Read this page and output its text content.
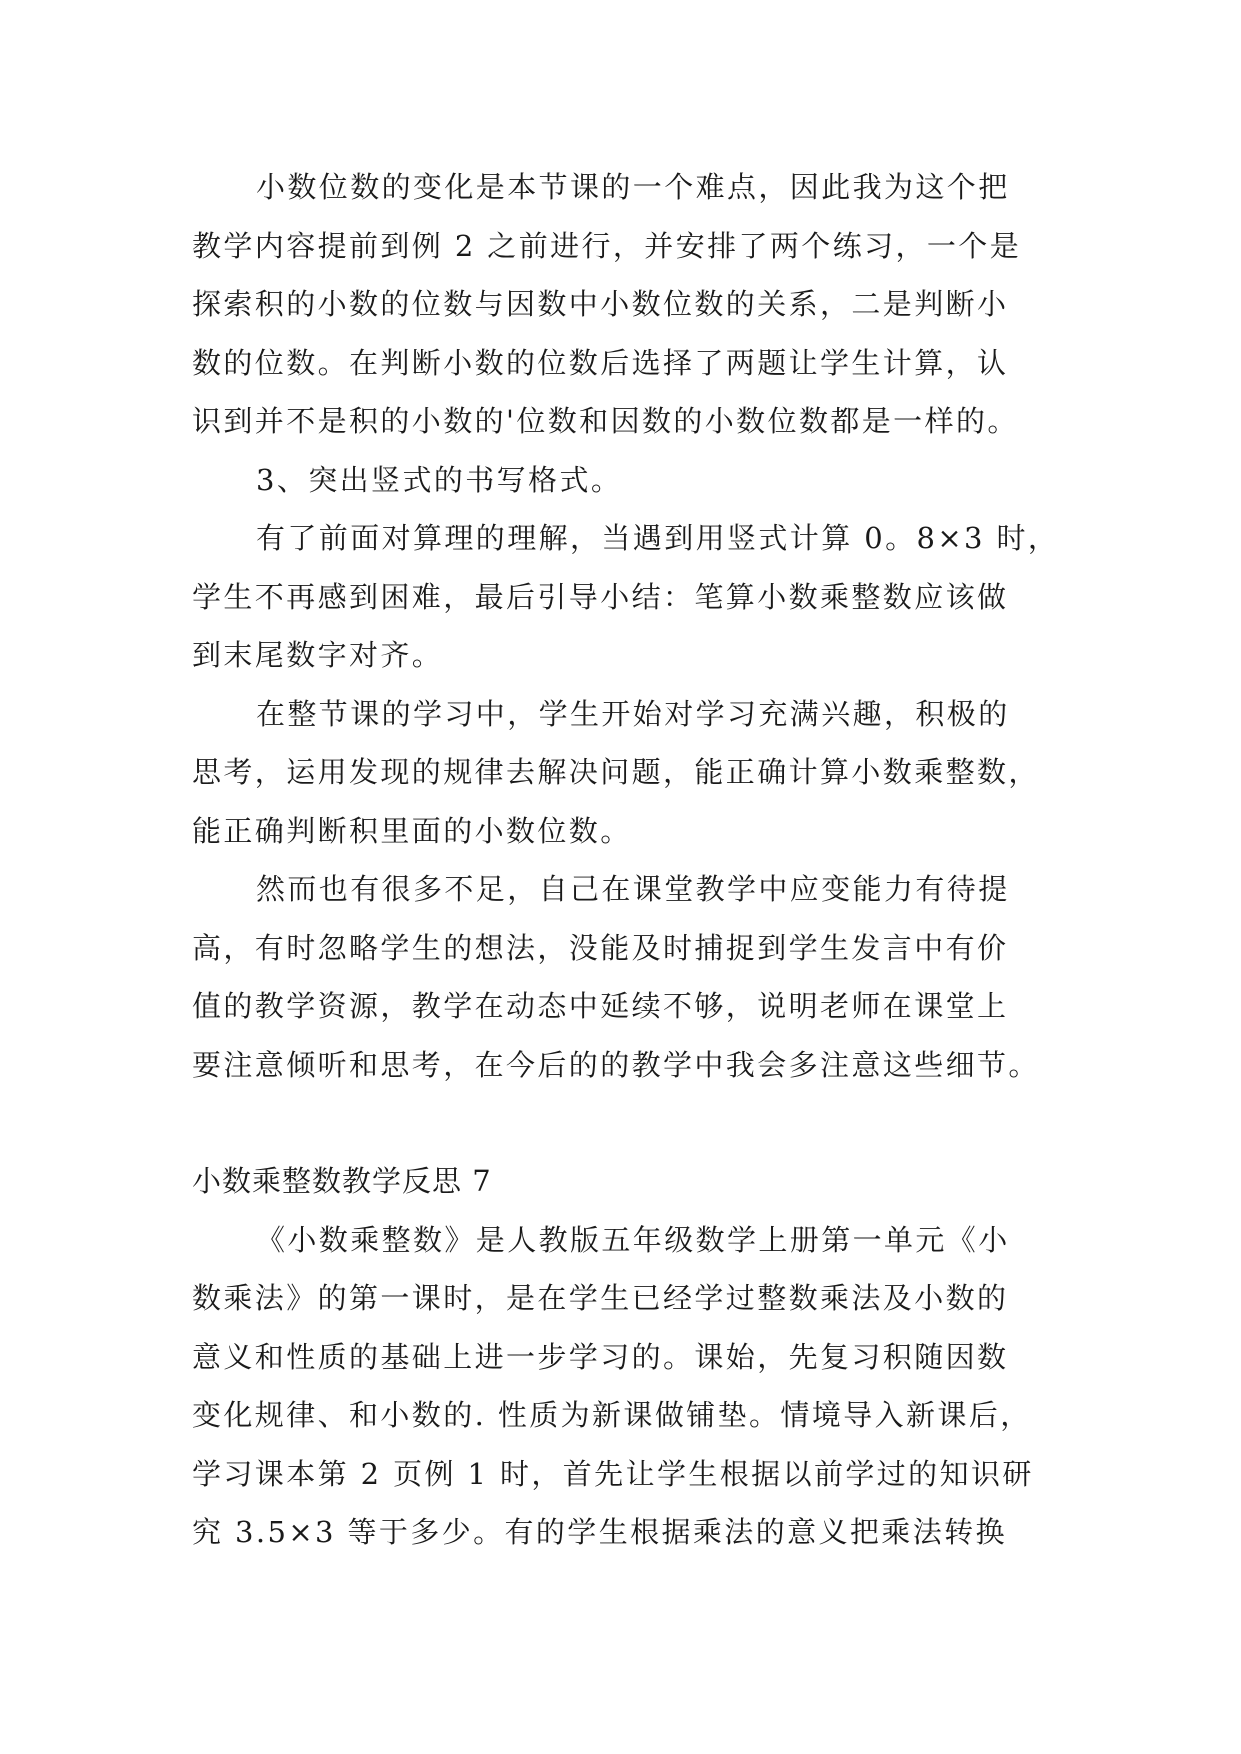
小数位数的变化是本节课的一个难点，因此我为这个把
教学内容提前到例 2 之前进行，并安排了两个练习，一个是
探索积的小数的位数与因数中小数位数的关系，二是判断小
数的位数。在判断小数的位数后选择了两题让学生计算，认
识到并不是积的小数的'位数和因数的小数位数都是一样的。
3、突出竖式的书写格式。
有了前面对算理的理解，当遇到用竖式计算 0。8×3 时，
学生不再感到困难，最后引导小结：笔算小数乘整数应该做
到末尾数字对齐。
在整节课的学习中，学生开始对学习充满兴趣，积极的
思考，运用发现的规律去解决问题，能正确计算小数乘整数，
能正确判断积里面的小数位数。
然而也有很多不足，自己在课堂教学中应变能力有待提
高，有时忽略学生的想法，没能及时捕捉到学生发言中有价
值的教学资源，教学在动态中延续不够，说明老师在课堂上
要注意倾听和思考，在今后的的教学中我会多注意这些细节。
小数乘整数教学反思 7
《小数乘整数》是人教版五年级数学上册第一单元《小
数乘法》的第一课时，是在学生已经学过整数乘法及小数的
意义和性质的基础上进一步学习的。课始，先复习积随因数
变化规律、和小数的. 性质为新课做铺垫。情境导入新课后，
学习课本第 2 页例 1 时，首先让学生根据以前学过的知识研
究 3.5×3 等于多少。有的学生根据乘法的意义把乘法转换
